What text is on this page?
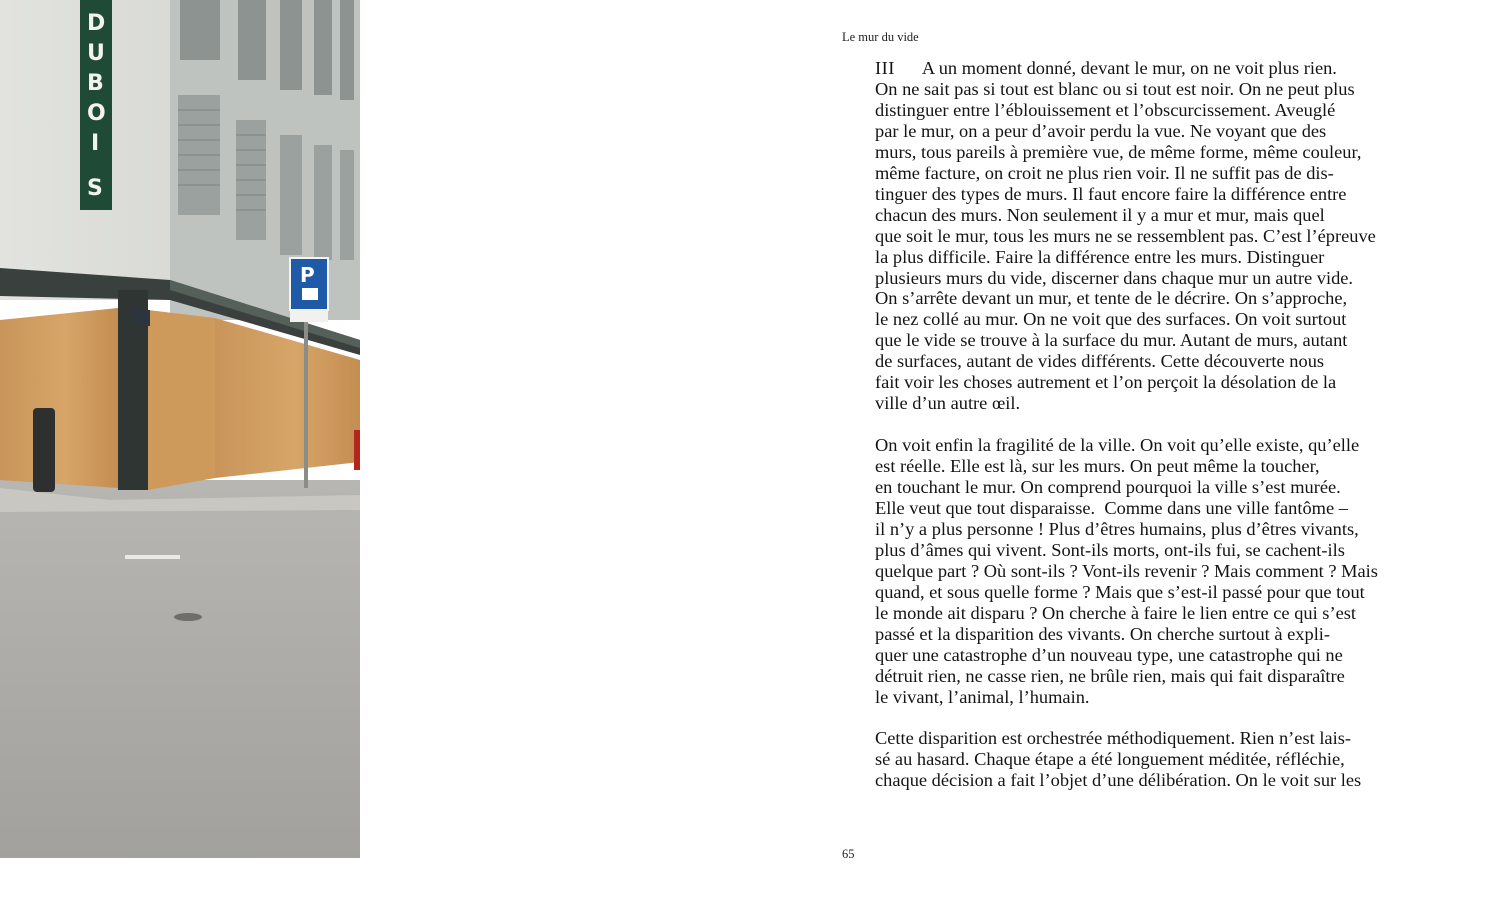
D
U
B
O
I
S
P
Le mur du vide

III A un moment donné, devant le mur, on ne voit plus rien.
On ne sait pas si tout est blanc ou si tout est noir. On ne peut plus
distinguer entre l’éblouissement et l’obscurcissement. Aveuglé
par le mur, on a peur d’avoir perdu la vue. Ne voyant que des
murs, tous pareils à première vue, de même forme, même couleur,
même facture, on croit ne plus rien voir. Il ne suffit pas de dis-
tinguer des types de murs. Il faut encore faire la différence entre
chacun des murs. Non seulement il y a mur et mur, mais quel
que soit le mur, tous les murs ne se ressemblent pas. C’est l’épreuve
la plus difficile. Faire la différence entre les murs. Distinguer
plusieurs murs du vide, discerner dans chaque mur un autre vide.
On s’arrête devant un mur, et tente de le décrire. On s’approche,
le nez collé au mur. On ne voit que des surfaces. On voit surtout
que le vide se trouve à la surface du mur. Autant de murs, autant
de surfaces, autant de vides différents. Cette découverte nous
fait voir les choses autrement et l’on perçoit la désolation de la
ville d’un autre œil.

On voit enfin la fragilité de la ville. On voit qu’elle existe, qu’elle
est réelle. Elle est là, sur les murs. On peut même la toucher,
en touchant le mur. On comprend pourquoi la ville s’est murée.
Elle veut que tout disparaisse.  Comme dans une ville fantôme –
il n’y a plus personne ! Plus d’êtres humains, plus d’êtres vivants,
plus d’âmes qui vivent. Sont-ils morts, ont-ils fui, se cachent-ils
quelque part ? Où sont-ils ? Vont-ils revenir ? Mais comment ? Mais
quand, et sous quelle forme ? Mais que s’est-il passé pour que tout
le monde ait disparu ? On cherche à faire le lien entre ce qui s’est
passé et la disparition des vivants. On cherche surtout à expli-
quer une catastrophe d’un nouveau type, une catastrophe qui ne
détruit rien, ne casse rien, ne brûle rien, mais qui fait disparaître
le vivant, l’animal, l’humain.

Cette disparition est orchestrée méthodiquement. Rien n’est lais-
sé au hasard. Chaque étape a été longuement méditée, réfléchie,
chaque décision a fait l’objet d’une délibération. On le voit sur les

65
